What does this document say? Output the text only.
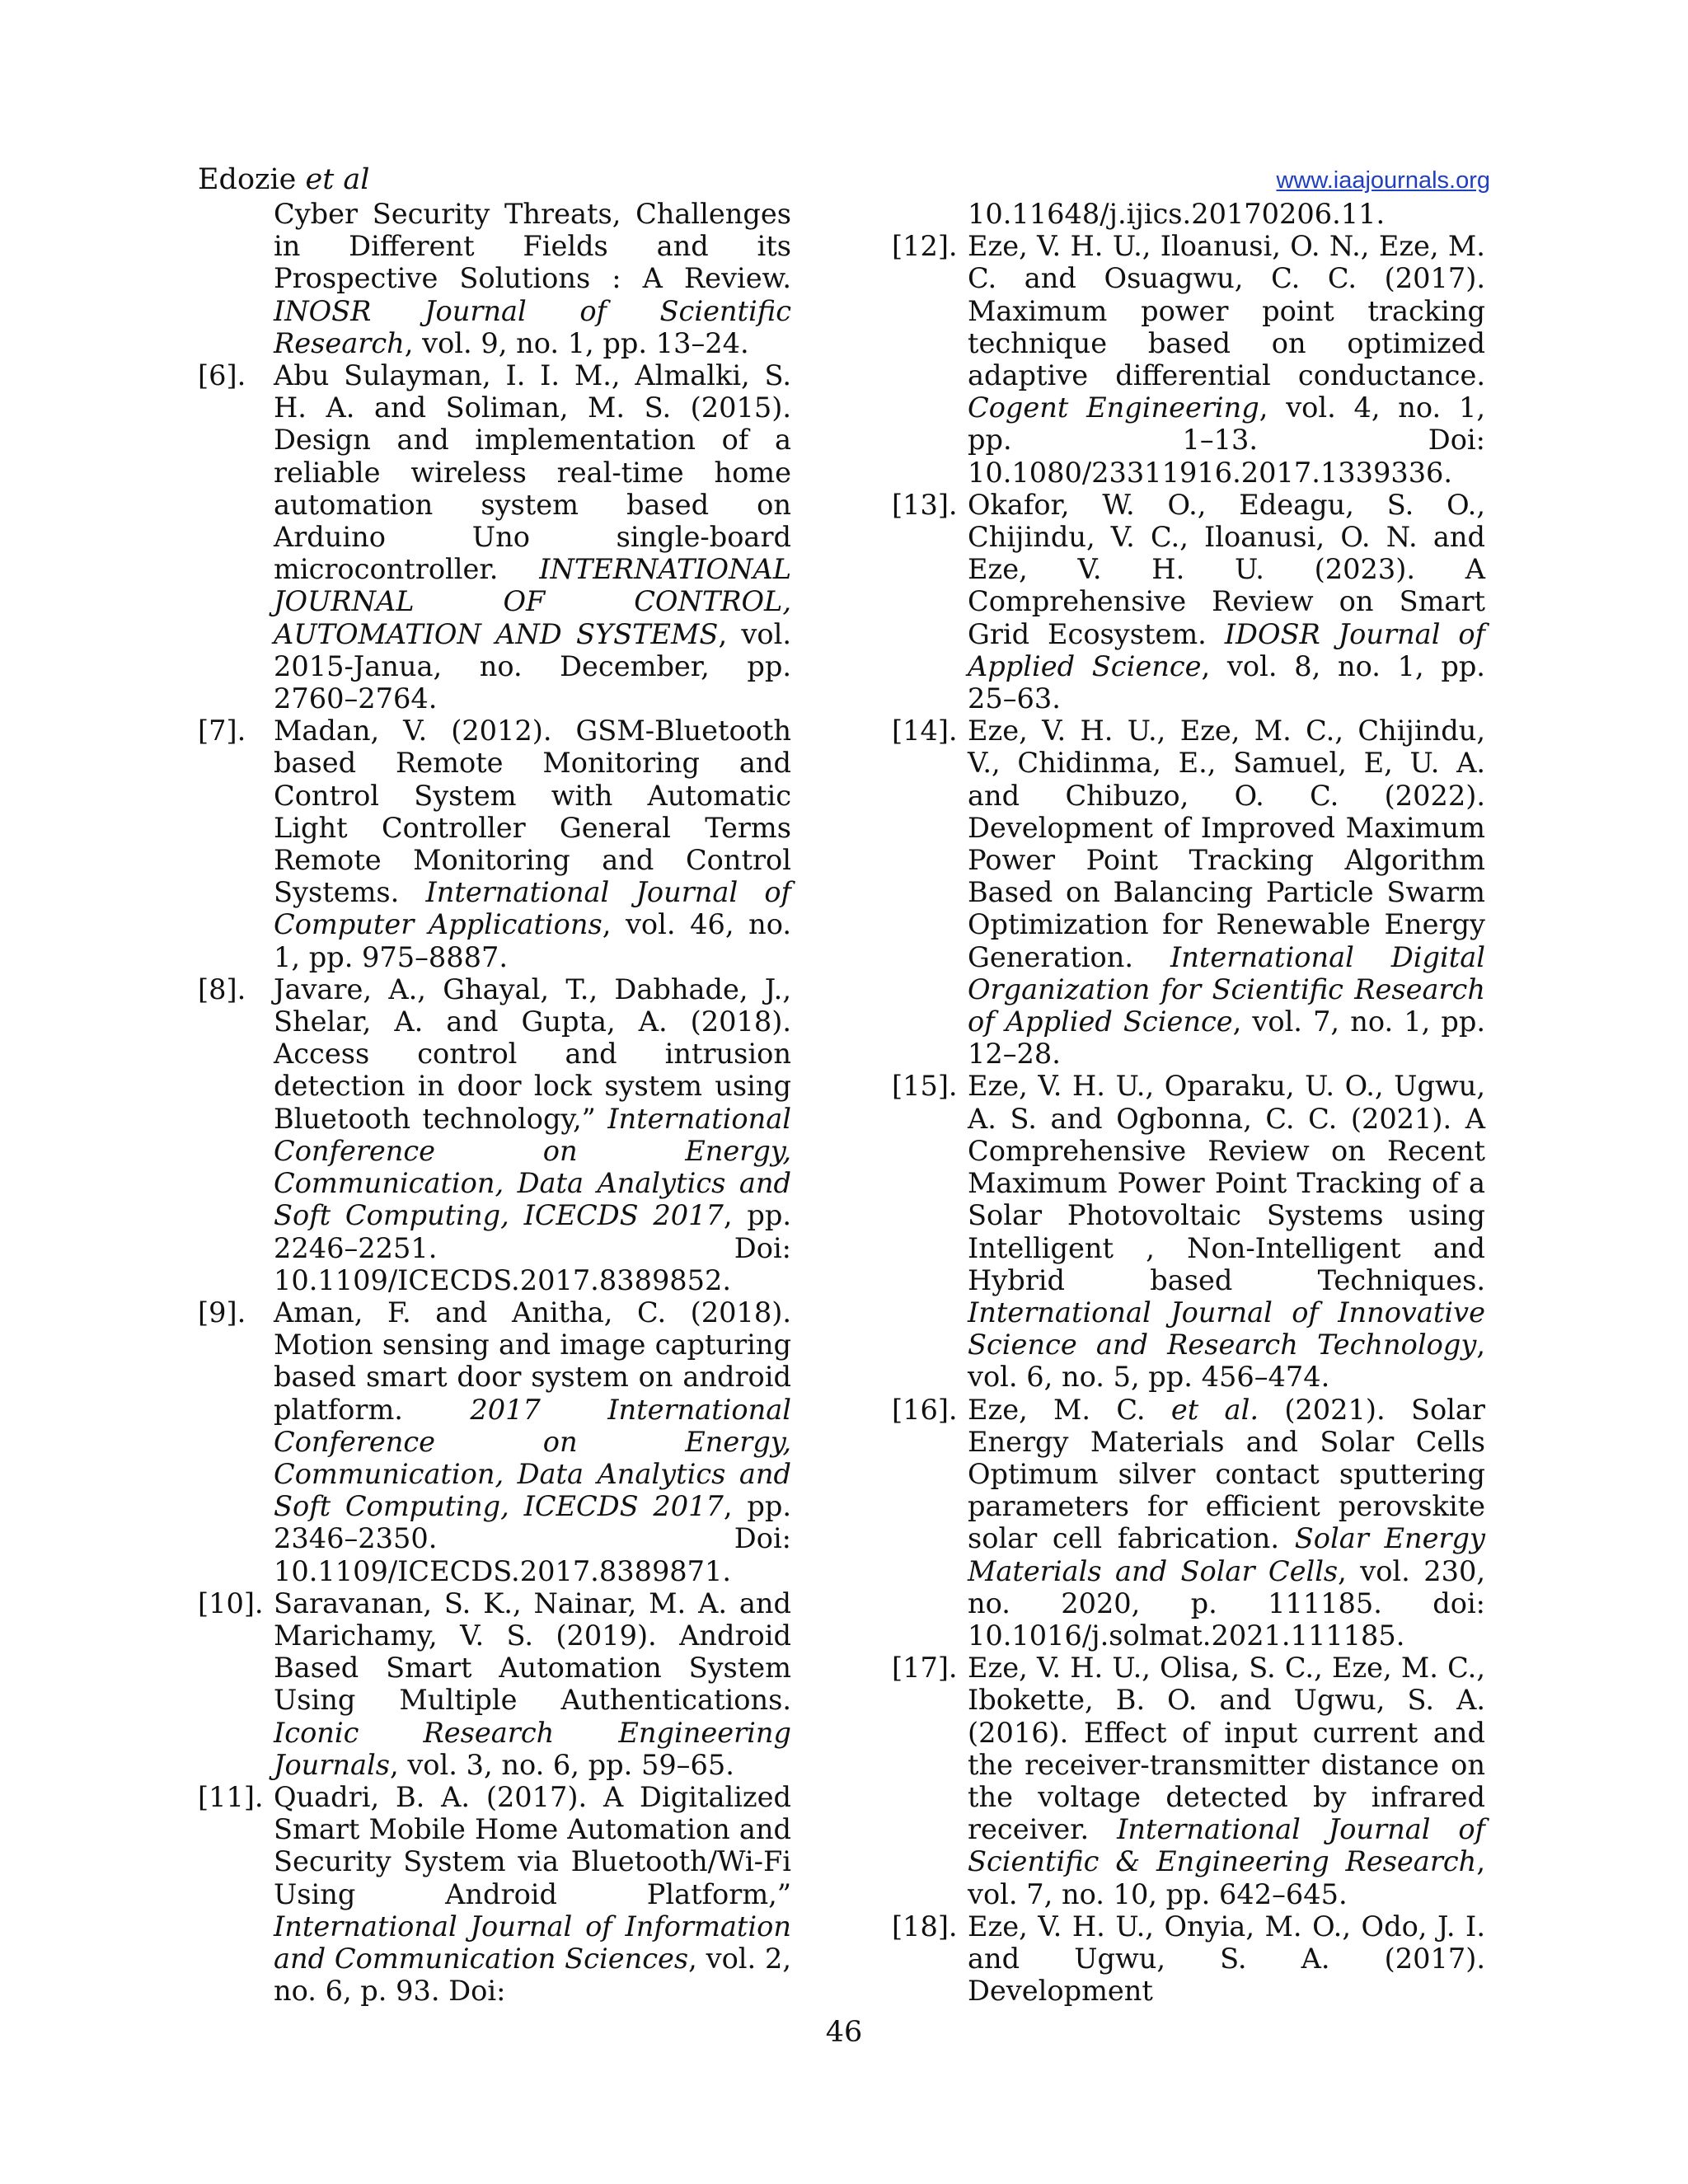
Edozie et al	www.iaajournals.org
Cyber Security Threats, Challenges in Different Fields and its Prospective Solutions : A Review. INOSR Journal of Scientific Research, vol. 9, no. 1, pp. 13–24.
[6].	Abu Sulayman, I. I. M., Almalki, S. H. A. and Soliman, M. S. (2015). Design and implementation of a reliable wireless real-time home automation system based on Arduino Uno single-board microcontroller. INTERNATIONAL JOURNAL OF CONTROL, AUTOMATION AND SYSTEMS, vol. 2015-Janua, no. December, pp. 2760–2764.
[7].	Madan, V. (2012). GSM-Bluetooth based Remote Monitoring and Control System with Automatic Light Controller General Terms Remote Monitoring and Control Systems. International Journal of Computer Applications, vol. 46, no. 1, pp. 975–8887.
[8].	Javare, A., Ghayal, T., Dabhade, J., Shelar, A. and Gupta, A. (2018). Access control and intrusion detection in door lock system using Bluetooth technology,” International Conference on Energy, Communication, Data Analytics and Soft Computing, ICECDS 2017, pp. 2246–2251. Doi: 10.1109/ICECDS.2017.8389852.
[9].	Aman, F. and Anitha, C. (2018). Motion sensing and image capturing based smart door system on android platform. 2017 International Conference on Energy, Communication, Data Analytics and Soft Computing, ICECDS 2017, pp. 2346–2350. Doi: 10.1109/ICECDS.2017.8389871.
[10]. Saravanan, S. K., Nainar, M. A. and Marichamy, V. S. (2019). Android Based Smart Automation System Using Multiple Authentications. Iconic Research Engineering Journals, vol. 3, no. 6, pp. 59–65.
[11]. Quadri, B. A. (2017). A Digitalized Smart Mobile Home Automation and Security System via Bluetooth/Wi-Fi Using Android Platform,” International Journal of Information and Communication Sciences, vol. 2, no. 6, p. 93. Doi:
10.11648/j.ijics.20170206.11.
[12]. Eze, V. H. U., Iloanusi, O. N., Eze, M. C. and Osuagwu, C. C. (2017). Maximum power point tracking technique based on optimized adaptive differential conductance. Cogent Engineering, vol. 4, no. 1, pp. 1–13. Doi: 10.1080/23311916.2017.1339336.
[13]. Okafor, W. O., Edeagu, S. O., Chijindu, V. C., Iloanusi, O. N. and Eze, V. H. U. (2023). A Comprehensive Review on Smart Grid Ecosystem. IDOSR Journal of Applied Science, vol. 8, no. 1, pp. 25–63.
[14]. Eze, V. H. U., Eze, M. C., Chijindu, V., Chidinma, E., Samuel, E, U. A. and Chibuzo, O. C. (2022). Development of Improved Maximum Power Point Tracking Algorithm Based on Balancing Particle Swarm Optimization for Renewable Energy Generation. International Digital Organization for Scientific Research of Applied Science, vol. 7, no. 1, pp. 12–28.
[15]. Eze, V. H. U., Oparaku, U. O., Ugwu, A. S. and Ogbonna, C. C. (2021). A Comprehensive Review on Recent Maximum Power Point Tracking of a Solar Photovoltaic Systems using Intelligent , Non-Intelligent and Hybrid based Techniques. International Journal of Innovative Science and Research Technology, vol. 6, no. 5, pp. 456–474.
[16]. Eze, M. C. et al. (2021). Solar Energy Materials and Solar Cells Optimum silver contact sputtering parameters for efficient perovskite solar cell fabrication. Solar Energy Materials and Solar Cells, vol. 230, no. 2020, p. 111185. doi: 10.1016/j.solmat.2021.111185.
[17]. Eze, V. H. U., Olisa, S. C., Eze, M. C., Ibokette, B. O. and Ugwu, S. A. (2016). Effect of input current and the receiver-transmitter distance on the voltage detected by infrared receiver. International Journal of Scientific & Engineering Research, vol. 7, no. 10, pp. 642–645.
[18]. Eze, V. H. U., Onyia, M. O., Odo, J. I. and Ugwu, S. A. (2017). Development
46
